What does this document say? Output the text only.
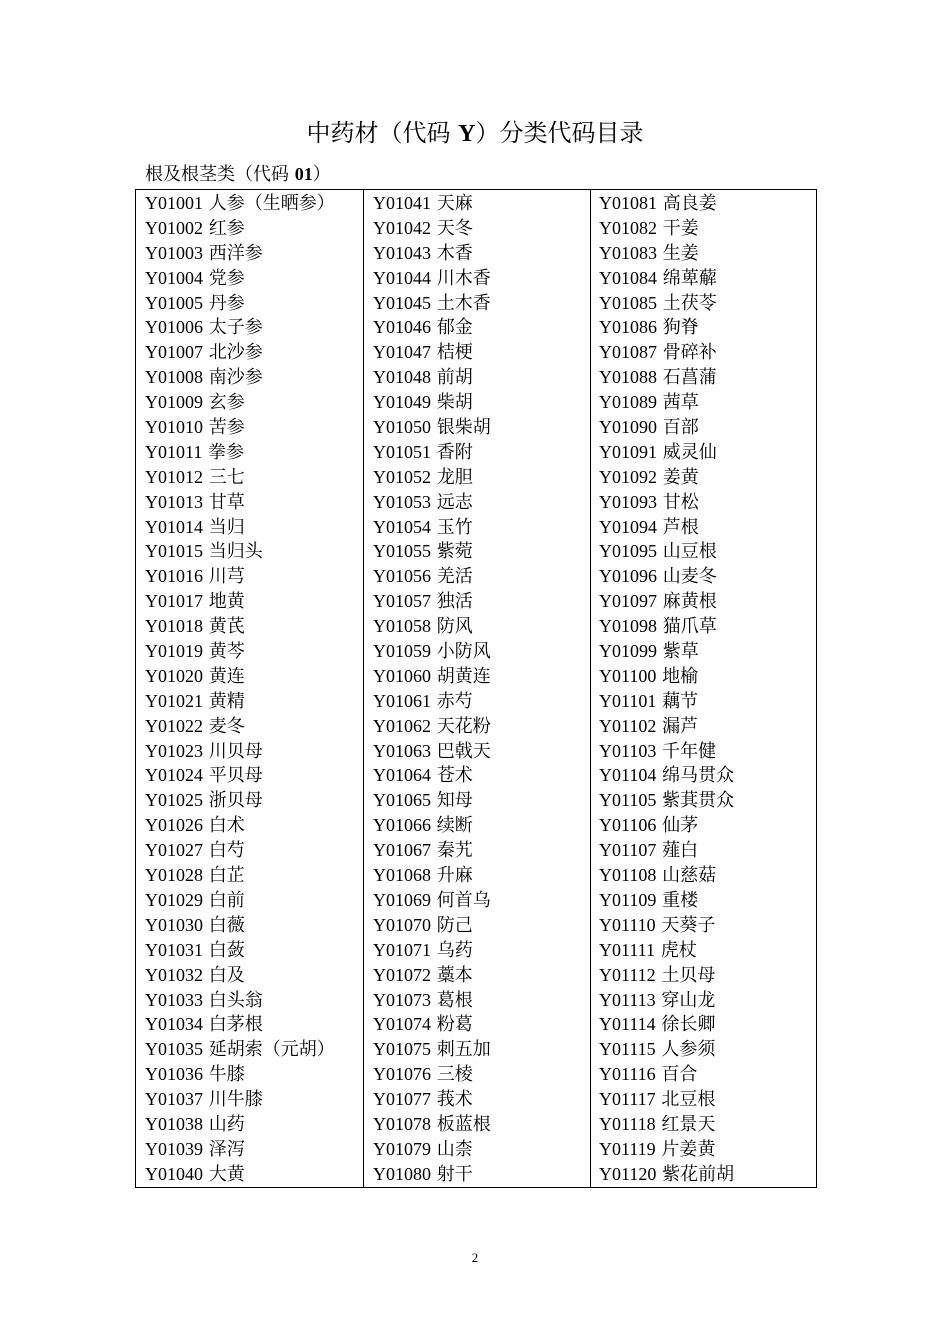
中药材（代码 Y）分类代码目录
根及根茎类（代码 01）
Y01001 人参（生晒参）
Y01002 红参
Y01003 西洋参
Y01004 党参
Y01005 丹参
Y01006 太子参
Y01007 北沙参
Y01008 南沙参
Y01009 玄参
Y01010 苦参
Y01011 拳参
Y01012 三七
Y01013 甘草
Y01014 当归
Y01015 当归头
Y01016 川芎
Y01017 地黄
Y01018 黄芪
Y01019 黄芩
Y01020 黄连
Y01021 黄精
Y01022 麦冬
Y01023 川贝母
Y01024 平贝母
Y01025 浙贝母
Y01026 白术
Y01027 白芍
Y01028 白芷
Y01029 白前
Y01030 白薇
Y01031 白蔹
Y01032 白及
Y01033 白头翁
Y01034 白茅根
Y01035 延胡索（元胡）
Y01036 牛膝
Y01037 川牛膝
Y01038 山药
Y01039 泽泻
Y01040 大黄
Y01041 天麻
Y01042 天冬
Y01043 木香
Y01044 川木香
Y01045 土木香
Y01046 郁金
Y01047 桔梗
Y01048 前胡
Y01049 柴胡
Y01050 银柴胡
Y01051 香附
Y01052 龙胆
Y01053 远志
Y01054 玉竹
Y01055 紫菀
Y01056 羌活
Y01057 独活
Y01058 防风
Y01059 小防风
Y01060 胡黄连
Y01061 赤芍
Y01062 天花粉
Y01063 巴戟天
Y01064 苍术
Y01065 知母
Y01066 续断
Y01067 秦艽
Y01068 升麻
Y01069 何首乌
Y01070 防己
Y01071 乌药
Y01072 藁本
Y01073 葛根
Y01074 粉葛
Y01075 刺五加
Y01076 三棱
Y01077 莪术
Y01078 板蓝根
Y01079 山柰
Y01080 射干
Y01081 高良姜
Y01082 干姜
Y01083 生姜
Y01084 绵萆薢
Y01085 土茯苓
Y01086 狗脊
Y01087 骨碎补
Y01088 石菖蒲
Y01089 茜草
Y01090 百部
Y01091 威灵仙
Y01092 姜黄
Y01093 甘松
Y01094 芦根
Y01095 山豆根
Y01096 山麦冬
Y01097 麻黄根
Y01098 猫爪草
Y01099 紫草
Y01100 地榆
Y01101 藕节
Y01102 漏芦
Y01103 千年健
Y01104 绵马贯众
Y01105 紫萁贯众
Y01106 仙茅
Y01107 薤白
Y01108 山慈菇
Y01109 重楼
Y01110 天葵子
Y01111 虎杖
Y01112 土贝母
Y01113 穿山龙
Y01114 徐长卿
Y01115 人参须
Y01116 百合
Y01117 北豆根
Y01118 红景天
Y01119 片姜黄
Y01120 紫花前胡
2
